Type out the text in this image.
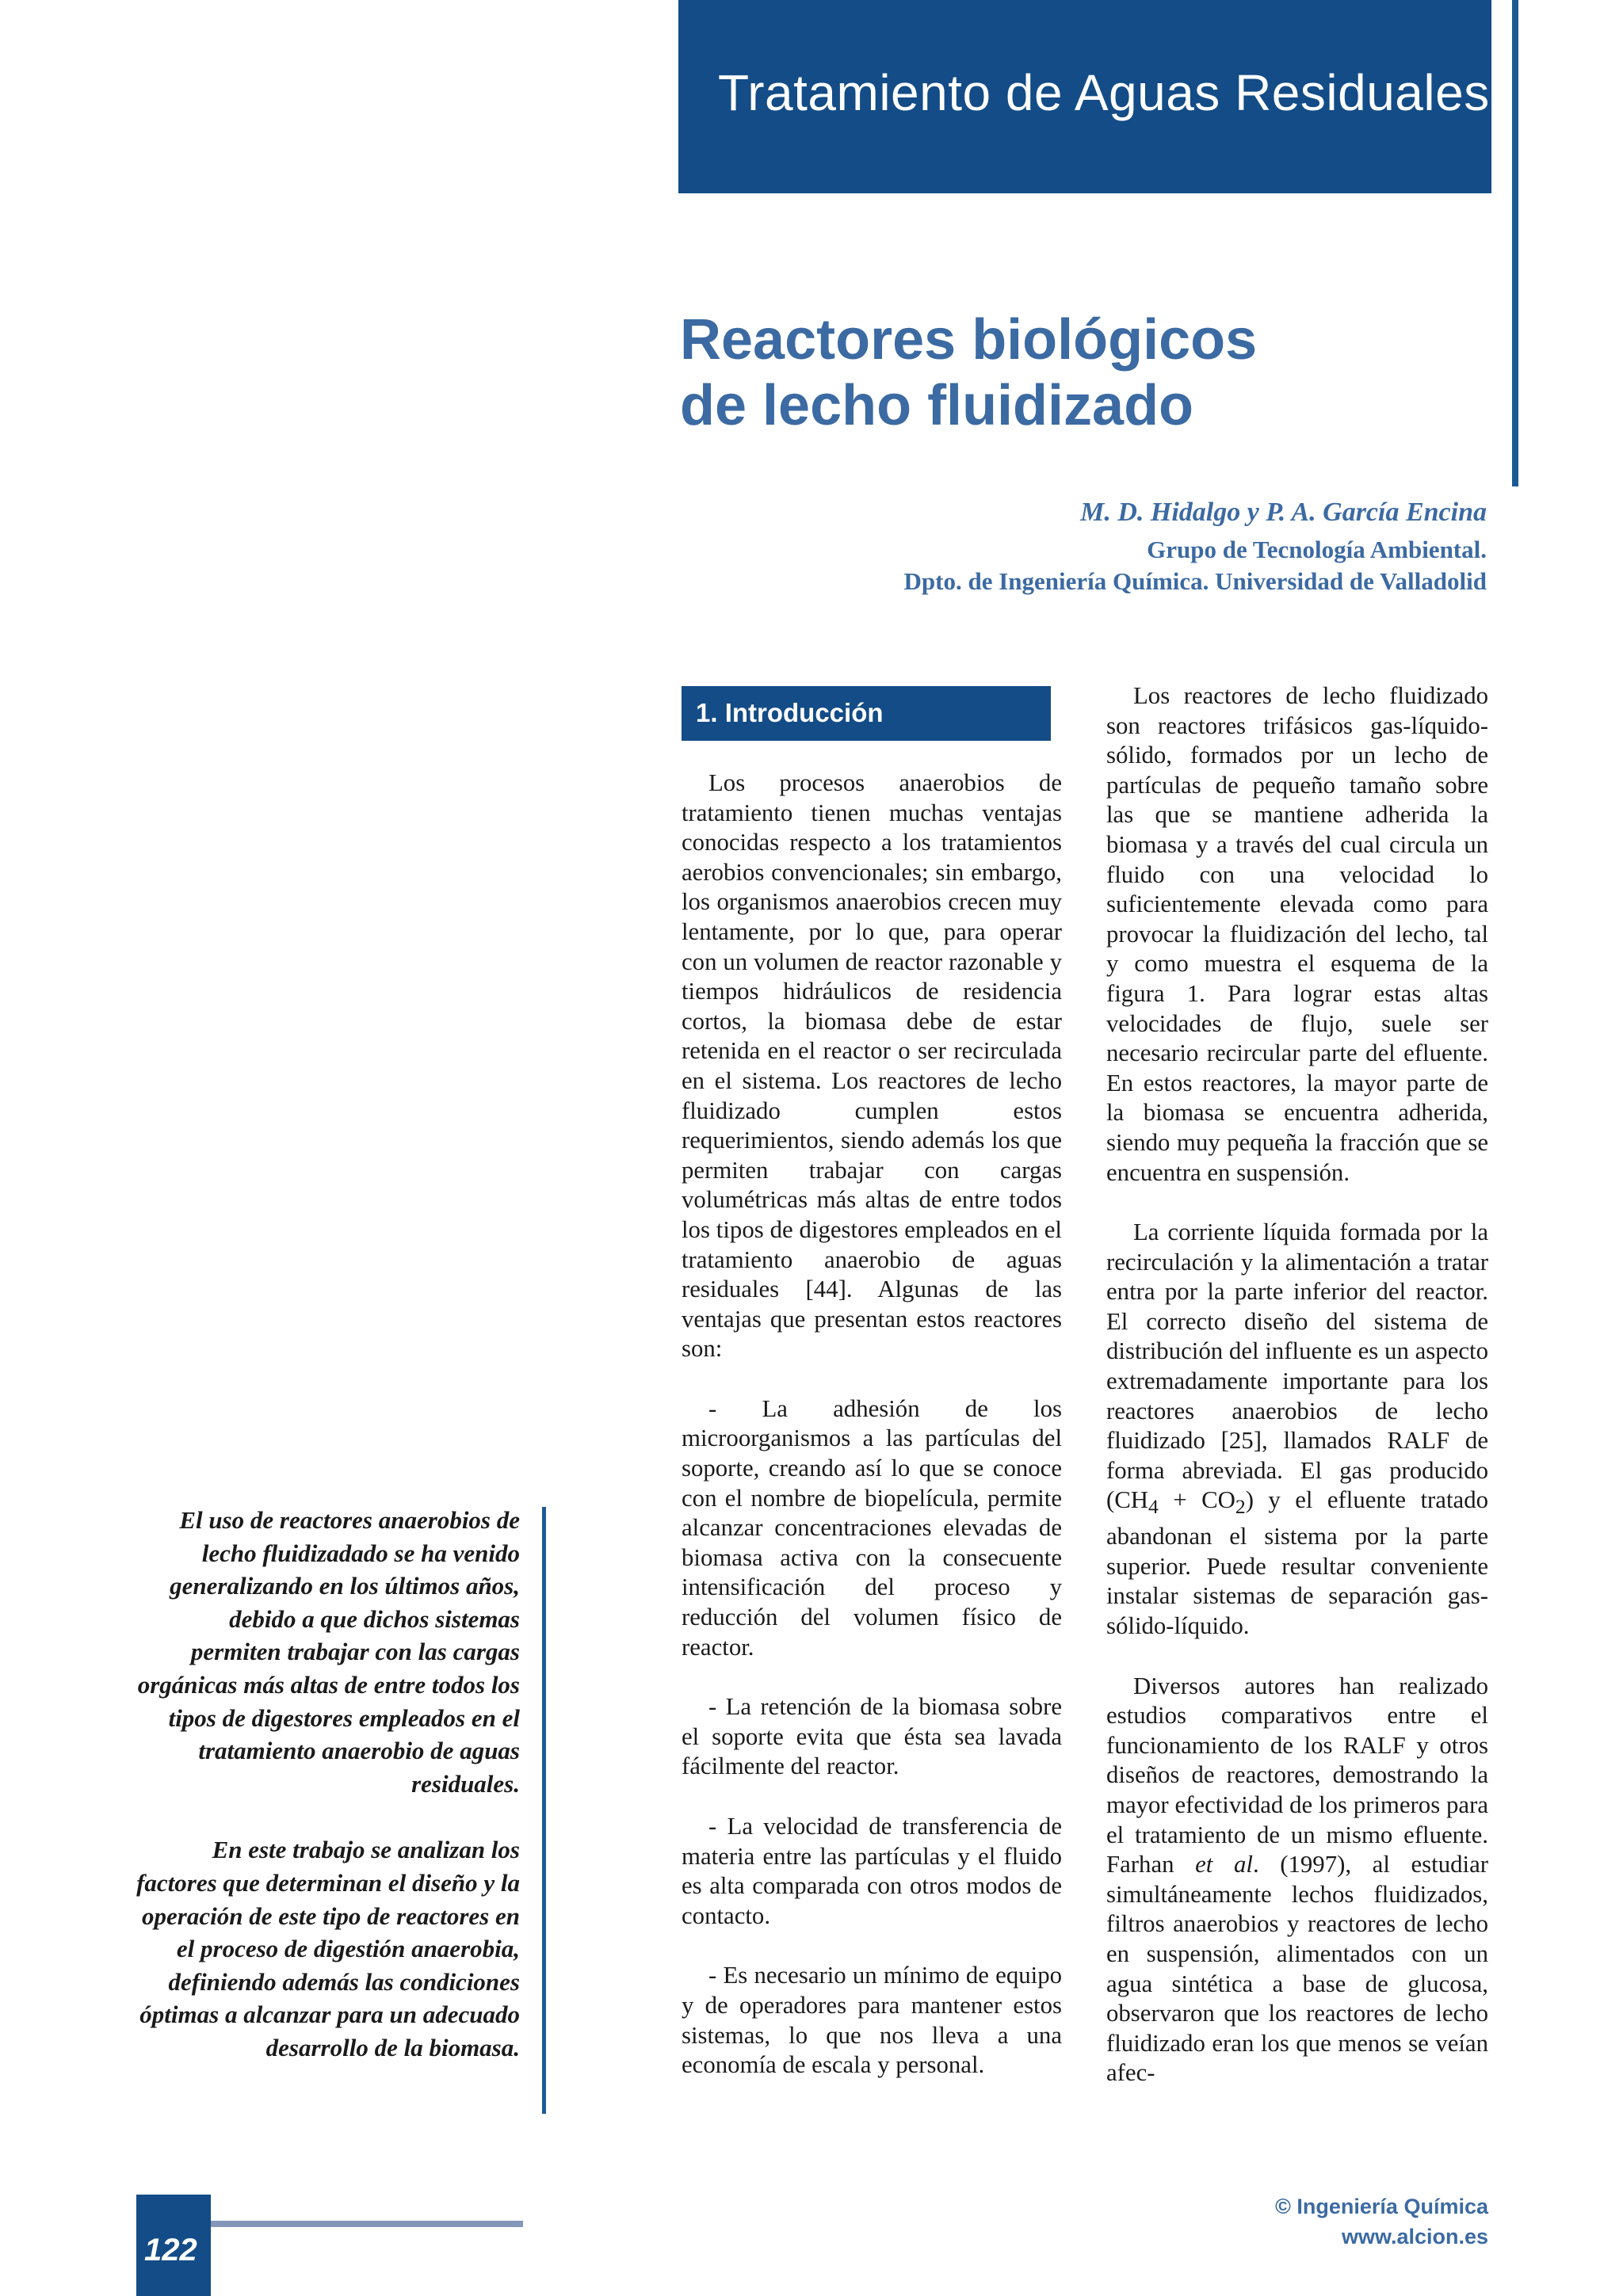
Tratamiento de Aguas Residuales
Reactores biológicos
de lecho fluidizado
M. D. Hidalgo y P. A. García Encina
Grupo de Tecnología Ambiental.
Dpto. de Ingeniería Química. Universidad de Valladolid
1. Introducción

Los procesos anaerobios de tratamiento tienen muchas ventajas conocidas respecto a los tratamientos aerobios convencionales; sin embargo, los organismos anaerobios crecen muy lentamente, por lo que, para operar con un volumen de reactor razonable y tiempos hidráulicos de residencia cortos, la biomasa debe de estar retenida en el reactor o ser recirculada en el sistema. Los reactores de lecho fluidizado cumplen estos requerimientos, siendo además los que permiten trabajar con cargas volumétricas más altas de entre todos los tipos de digestores empleados en el tratamiento anaerobio de aguas residuales [44]. Algunas de las ventajas que presentan estos reactores son:

- La adhesión de los microorganismos a las partículas del soporte, creando así lo que se conoce con el nombre de biopelícula, permite alcanzar concentraciones elevadas de biomasa activa con la consecuente intensificación del proceso y reducción del volumen físico de reactor.

- La retención de la biomasa sobre el soporte evita que ésta sea lavada fácilmente del reactor.

- La velocidad de transferencia de materia entre las partículas y el fluido es alta comparada con otros modos de contacto.

- Es necesario un mínimo de equipo y de operadores para mantener estos sistemas, lo que nos lleva a una economía de escala y personal.

Los reactores de lecho fluidizado son reactores trifásicos gas-líquido-sólido, formados por un lecho de partículas de pequeño tamaño sobre las que se mantiene adherida la biomasa y a través del cual circula un fluido con una velocidad lo suficientemente elevada como para provocar la fluidización del lecho, tal y como muestra el esquema de la figura 1. Para lograr estas altas velocidades de flujo, suele ser necesario recircular parte del efluente. En estos reactores, la mayor parte de la biomasa se encuentra adherida, siendo muy pequeña la fracción que se encuentra en suspensión.

La corriente líquida formada por la recirculación y la alimentación a tratar entra por la parte inferior del reactor. El correcto diseño del sistema de distribución del influente es un aspecto extremadamente importante para los reactores anaerobios de lecho fluidizado [25], llamados RALF de forma abreviada. El gas producido $(CH_4 + CO_2)$ y el efluente tratado abandonan el sistema por la parte superior. Puede resultar conveniente instalar sistemas de separación gas-sólido-líquido.

Diversos autores han realizado estudios comparativos entre el funcionamiento de los RALF y otros diseños de reactores, demostrando la mayor efectividad de los primeros para el tratamiento de un mismo efluente. Farhan et al. (1997), al estudiar simultáneamente lechos fluidizados, filtros anaerobios y reactores de lecho en suspensión, alimentados con un agua sintética a base de glucosa, observaron que los reactores de lecho fluidizado eran los que menos se veían afec-

El uso de reactores anaerobios de lecho fluidizadado se ha venido generalizando en los últimos años, debido a que dichos sistemas permiten trabajar con las cargas orgánicas más altas de entre todos los tipos de digestores empleados en el tratamiento anaerobio de aguas residuales.

En este trabajo se analizan los factores que determinan el diseño y la operación de este tipo de reactores en el proceso de digestión anaerobia, definiendo además las condiciones óptimas a alcanzar para un adecuado desarrollo de la biomasa.

122
© Ingeniería Química
www.alcion.es
